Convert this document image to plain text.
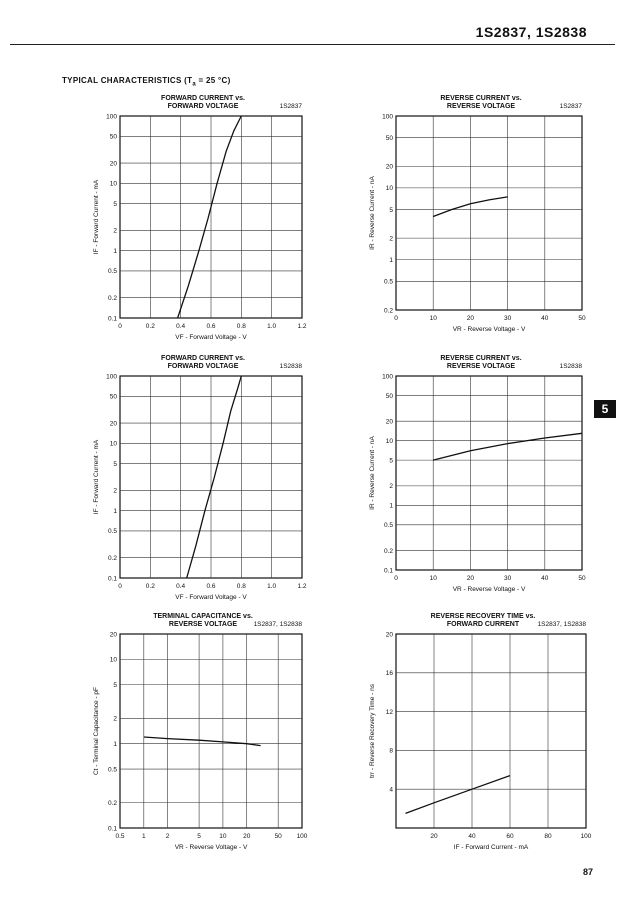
1S2837, 1S2838
TYPICAL CHARACTERISTICS ($T_a = 25$ °C)
5
87
FORWARD CURRENT vs.
FORWARD VOLTAGE	1S2837
0	0.2	0.4	0.6	0.8	1.0	1.2
0.1
0.2
0.5
1
2
5
10
20
50
100
VF - Forward Voltage - V
IF - Forward Current - mA
REVERSE CURRENT vs.
REVERSE VOLTAGE	1S2837
0	10	20	30	40	50
0.2
0.5
1
2
5
10
20
50
100
VR - Reverse Voltage - V
IR - Reverse Current - nA
FORWARD CURRENT vs.
FORWARD VOLTAGE	1S2838
0	0.2	0.4	0.6	0.8	1.0	1.2
0.1
0.2
0.5
1
2
5
10
20
50
100
VF - Forward Voltage - V
IF - Forward Current - mA
REVERSE CURRENT vs.
REVERSE VOLTAGE	1S2838
0	10	20	30	40	50
0.1
0.2
0.5
1
2
5
10
20
50
100
VR - Reverse Voltage - V
IR - Reverse Current - nA
TERMINAL CAPACITANCE vs.
REVERSE VOLTAGE	1S2837, 1S2838
0.5	1	2	5	10	20	50 100
0.1
0.2
0.5
1
2
5
10
20
VR - Reverse Voltage - V
Ct - Terminal Capacitance - pF
REVERSE RECOVERY TIME vs.
FORWARD CURRENT	1S2837, 1S2838
20	40	60	80	100
4
8
12
16
20
IF - Forward Current - mA
trr - Reverse Recovery Time - ns
